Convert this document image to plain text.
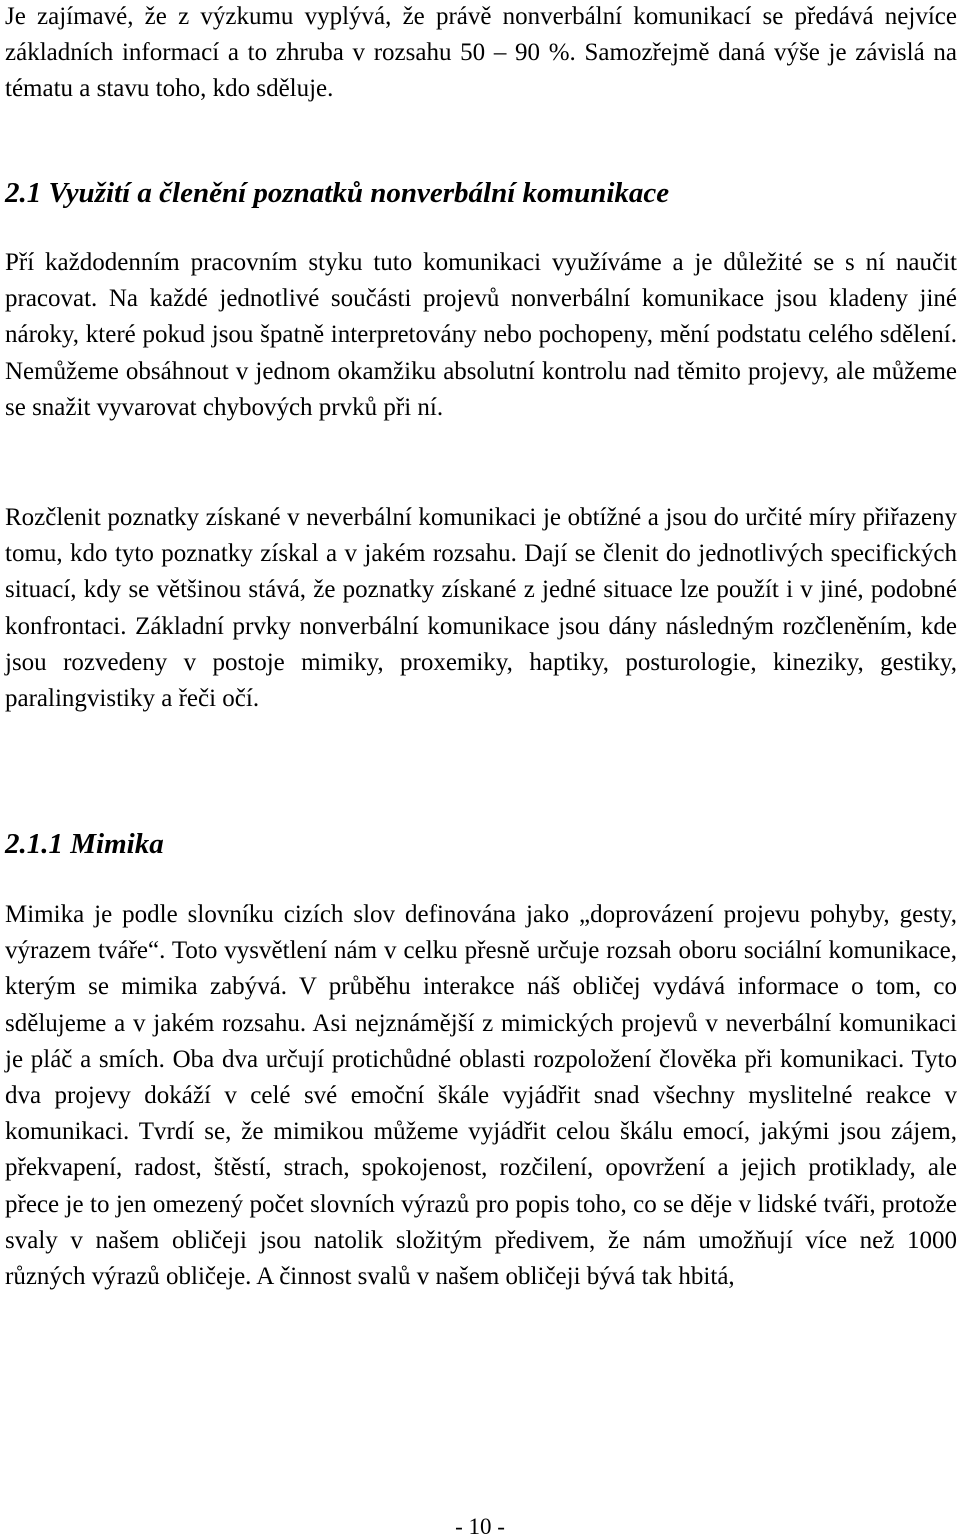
Je zajímavé, že z výzkumu vyplývá, že právě nonverbální komunikací se předává nejvíce základních informací a to zhruba v rozsahu 50 – 90 %. Samozřejmě daná výše je závislá na tématu a stavu toho, kdo sděluje.

2.1 Využití a členění poznatků nonverbální komunikace

Pří každodenním pracovním styku tuto komunikaci využíváme a je důležité se s ní naučit pracovat. Na každé jednotlivé součásti projevů nonverbální komunikace jsou kladeny jiné nároky, které pokud jsou špatně interpretovány nebo pochopeny, mění podstatu celého sdělení. Nemůžeme obsáhnout v jednom okamžiku absolutní kontrolu nad těmito projevy, ale můžeme se snažit vyvarovat chybových prvků při ní.

Rozčlenit poznatky získané v neverbální komunikaci je obtížné a jsou do určité míry přiřazeny tomu, kdo tyto poznatky získal a v jakém rozsahu. Dají se členit do jednotlivých specifických situací, kdy se většinou stává, že poznatky získané z jedné situace lze použít i v jiné, podobné konfrontaci. Základní prvky nonverbální komunikace jsou dány následným rozčleněním, kde jsou rozvedeny v postoje mimiky, proxemiky, haptiky, posturologie, kineziky, gestiky, paralingvistiky a řeči očí.

2.1.1 Mimika

Mimika je podle slovníku cizích slov definována jako „doprovázení projevu pohyby, gesty, výrazem tváře“. Toto vysvětlení nám v celku přesně určuje rozsah oboru sociální komunikace, kterým se mimika zabývá. V průběhu interakce náš obličej vydává informace o tom, co sdělujeme a v jakém rozsahu. Asi nejznámější z mimických projevů v neverbální komunikaci je pláč a smích. Oba dva určují protichůdné oblasti rozpoložení člověka při komunikaci. Tyto dva projevy dokáží v celé své emoční škále vyjádřit snad všechny myslitelné reakce v komunikaci. Tvrdí se, že mimikou můžeme vyjádřit celou škálu emocí, jakými jsou zájem, překvapení, radost, štěstí, strach, spokojenost, rozčilení, opovržení a jejich protiklady, ale přece je to jen omezený počet slovních výrazů pro popis toho, co se děje v lidské tváři, protože svaly v našem obličeji jsou natolik složitým předivem, že nám umožňují více než 1000 různých výrazů obličeje. A činnost svalů v našem obličeji bývá tak hbitá,

- 10 -
